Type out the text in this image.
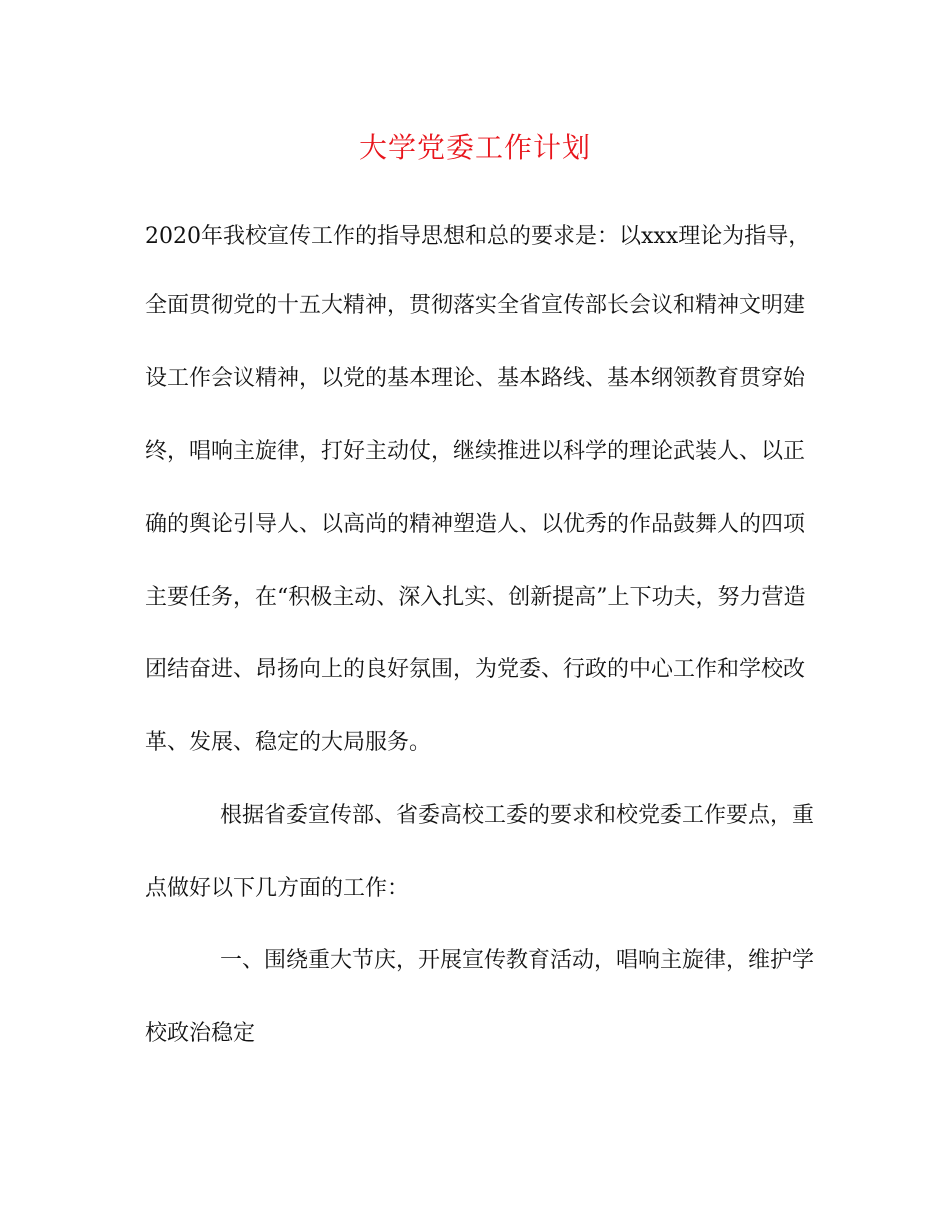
大学党委工作计划

2020年我校宣传工作的指导思想和总的要求是：以xxx理论为指导，

全面贯彻党的十五大精神，贯彻落实全省宣传部长会议和精神文明建

设工作会议精神，以党的基本理论、基本路线、基本纲领教育贯穿始

终，唱响主旋律，打好主动仗，继续推进以科学的理论武装人、以正

确的舆论引导人、以高尚的精神塑造人、以优秀的作品鼓舞人的四项

主要任务，在“积极主动、深入扎实、创新提高”上下功夫，努力营造

团结奋进、昂扬向上的良好氛围，为党委、行政的中心工作和学校改

革、发展、稳定的大局服务。

根据省委宣传部、省委高校工委的要求和校党委工作要点，重

点做好以下几方面的工作：

一、围绕重大节庆，开展宣传教育活动，唱响主旋律，维护学

校政治稳定
